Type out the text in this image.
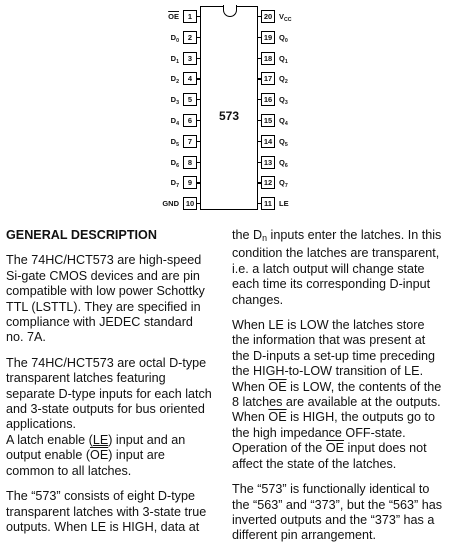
573
1
$\overline{OE}$
2
$D_0$
3
$D_1$
4
$D_2$
5
$D_3$
6
$D_4$
7
$D_5$
8
$D_6$
9
$D_7$
10
GND
20 $V_{CC}$
19 $Q_0$
18 $Q_1$
17 $Q_2$
16 $Q_3$
15 $Q_4$
14 $Q_5$
13 $Q_6$
12 $Q_7$
11 LE
GENERAL DESCRIPTION

The 74HC/HCT573 are high-speed Si-gate CMOS devices and are pin compatible with low power Schottky TTL (LSTTL). They are specified in compliance with JEDEC standard no. 7A.

The 74HC/HCT573 are octal D-type transparent latches featuring separate D-type inputs for each latch and 3-state outputs for bus oriented applications.

A latch enable (LE) input and an output enable $(\overline{OE})$ input are common to all latches.

The “573” consists of eight D-type transparent latches with 3-state true outputs. When LE is HIGH, data at

the $D_n$ inputs enter the latches. In this condition the latches are transparent, i.e. a latch output will change state each time its corresponding D-input changes.

When LE is LOW the latches store the information that was present at the D-inputs a set-up time preceding the HIGH-to-LOW transition of LE.
When $\overline{OE}$ is LOW, the contents of the 8 latches are available at the outputs.
When $\overline{OE}$ is HIGH, the outputs go to the high impedance OFF-state.
Operation of the $\overline{OE}$ input does not affect the state of the latches.

The “573” is functionally identical to the “563” and “373”, but the “563” has inverted outputs and the “373” has a different pin arrangement.
